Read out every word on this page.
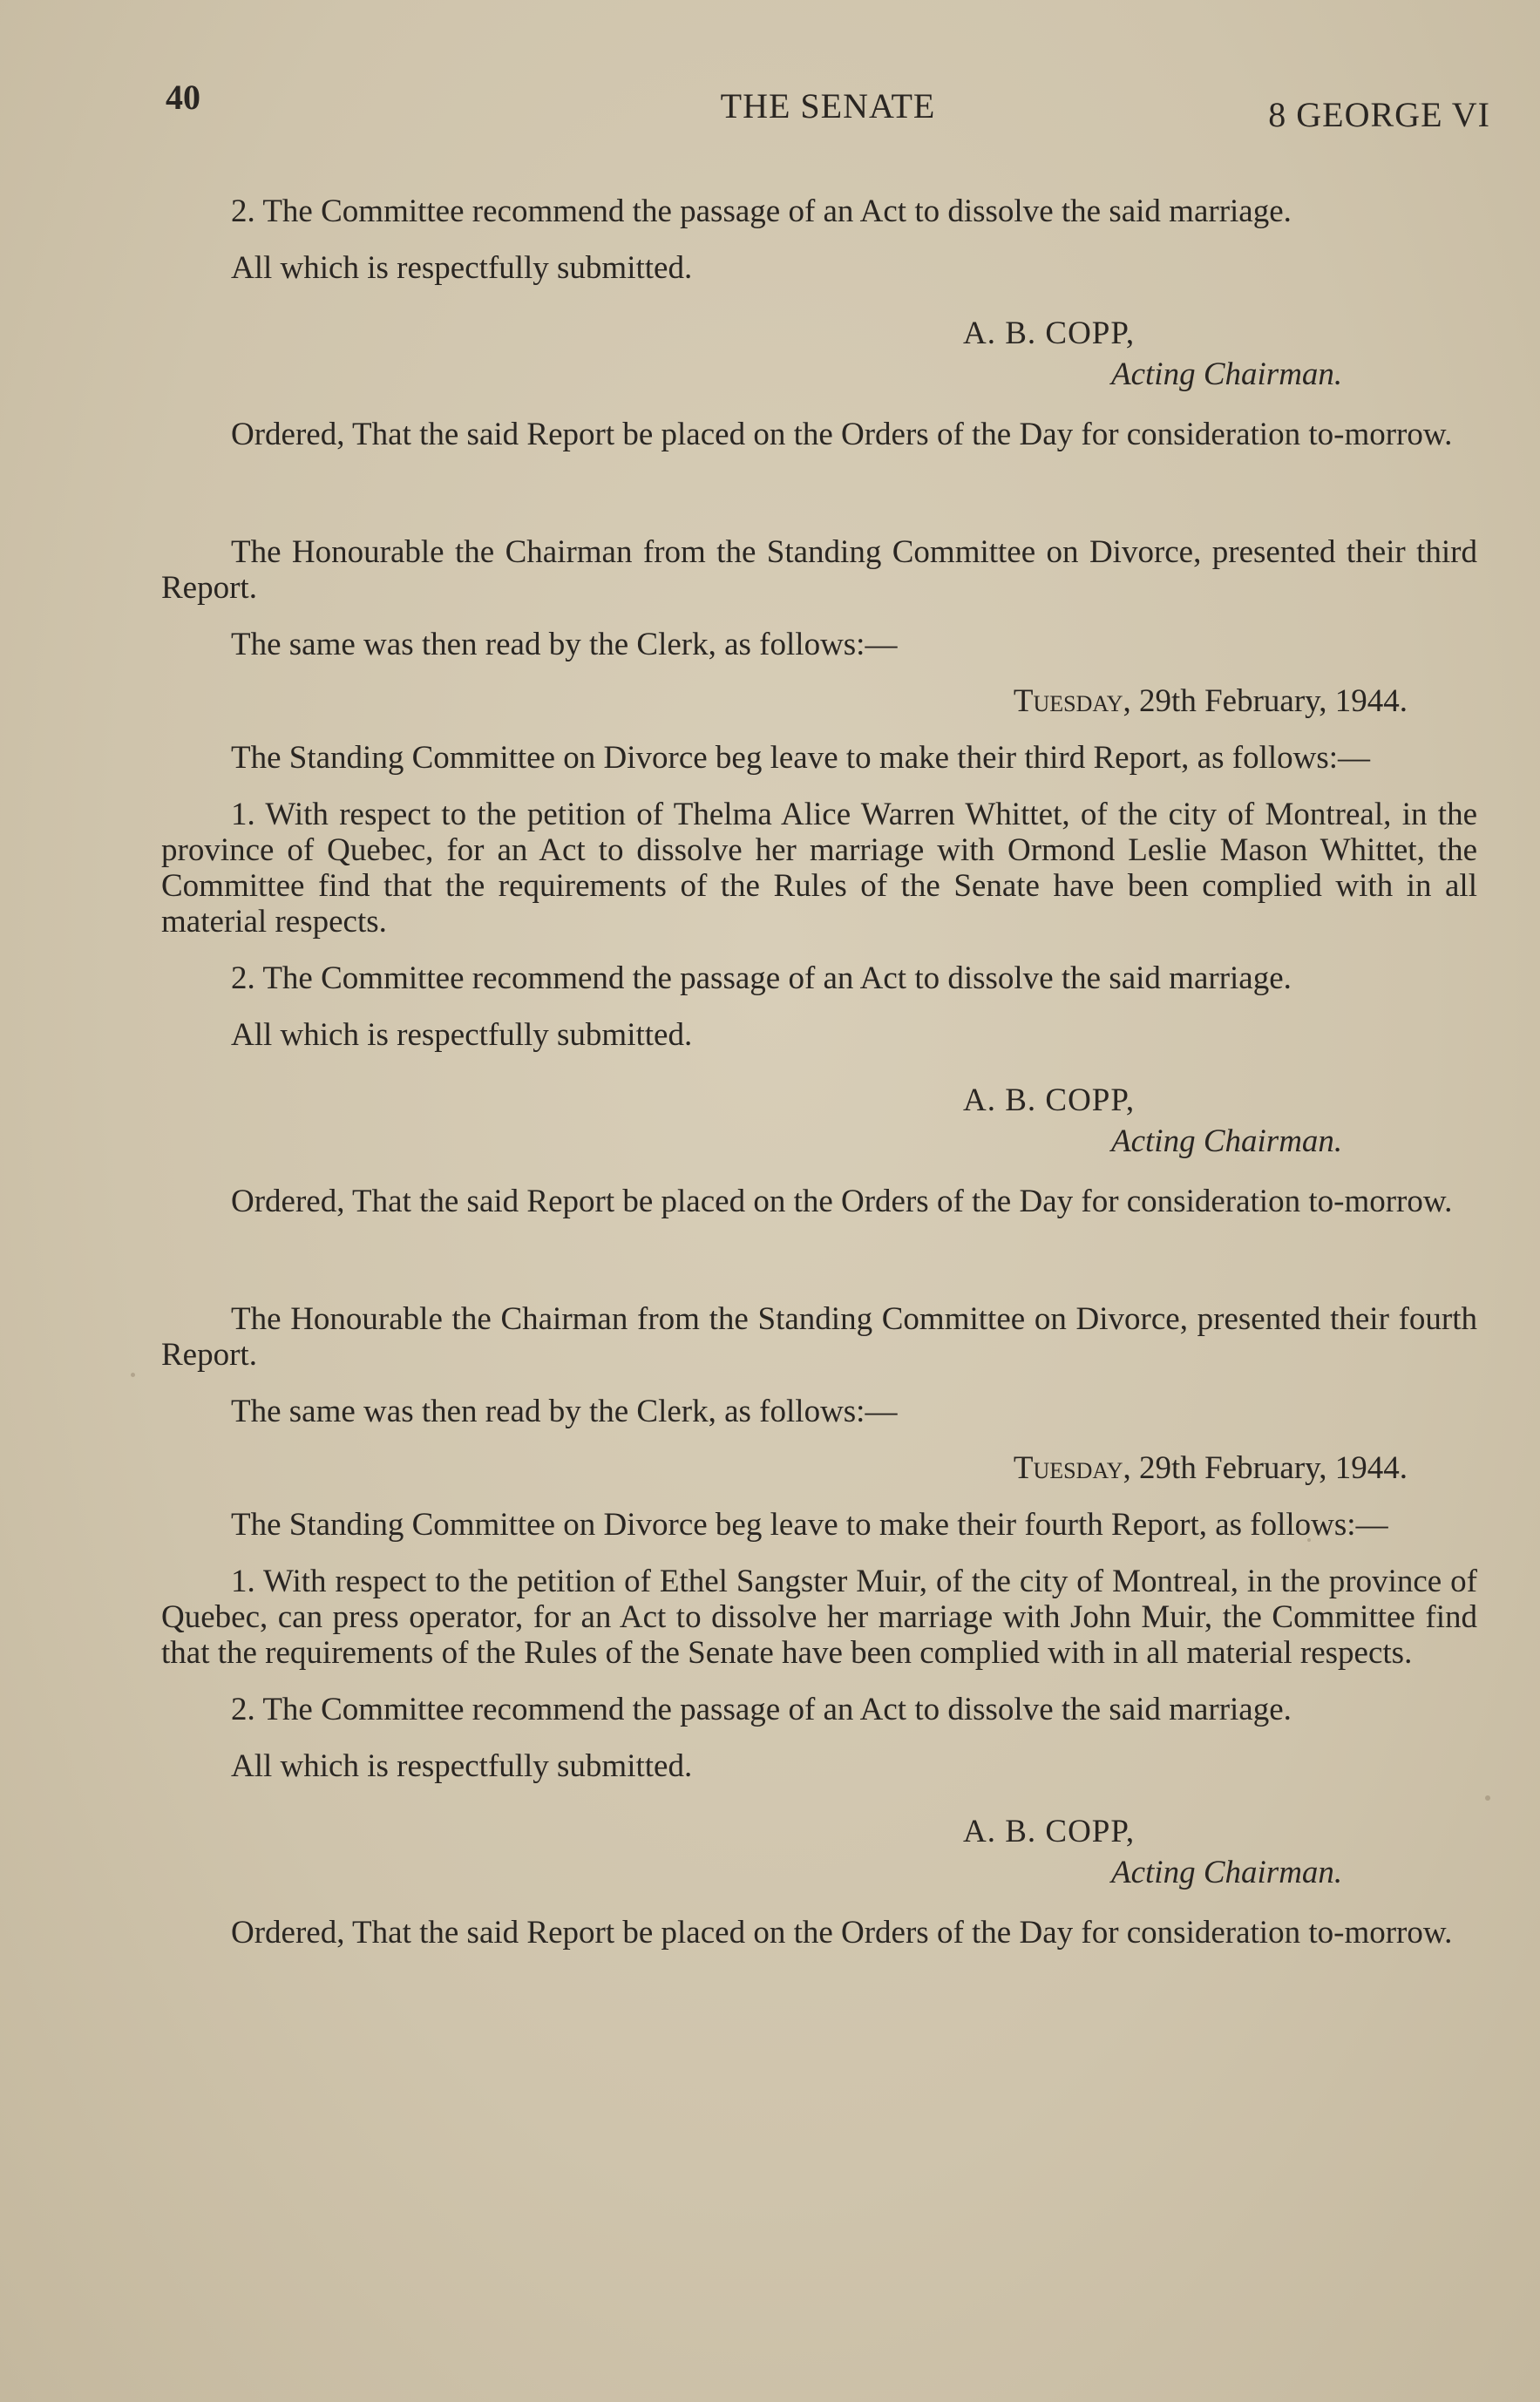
40	THE SENATE	8 GEORGE VI

2. The Committee recommend the passage of an Act to dissolve the said marriage.

All which is respectfully submitted.

A. B. COPP,
Acting Chairman.

Ordered, That the said Report be placed on the Orders of the Day for consideration to-morrow.

The Honourable the Chairman from the Standing Committee on Divorce, presented their third Report.

The same was then read by the Clerk, as follows:—

Tuesday, 29th February, 1944.

The Standing Committee on Divorce beg leave to make their third Report, as follows:—

1. With respect to the petition of Thelma Alice Warren Whittet, of the city of Montreal, in the province of Quebec, for an Act to dissolve her marriage with Ormond Leslie Mason Whittet, the Committee find that the requirements of the Rules of the Senate have been complied with in all material respects.

2. The Committee recommend the passage of an Act to dissolve the said marriage.

All which is respectfully submitted.

A. B. COPP,
Acting Chairman.

Ordered, That the said Report be placed on the Orders of the Day for consideration to-morrow.

The Honourable the Chairman from the Standing Committee on Divorce, presented their fourth Report.

The same was then read by the Clerk, as follows:—

Tuesday, 29th February, 1944.

The Standing Committee on Divorce beg leave to make their fourth Report, as follows:—

1. With respect to the petition of Ethel Sangster Muir, of the city of Montreal, in the province of Quebec, can press operator, for an Act to dissolve her marriage with John Muir, the Committee find that the requirements of the Rules of the Senate have been complied with in all material respects.

2. The Committee recommend the passage of an Act to dissolve the said marriage.

All which is respectfully submitted.

A. B. COPP,
Acting Chairman.

Ordered, That the said Report be placed on the Orders of the Day for consideration to-morrow.
